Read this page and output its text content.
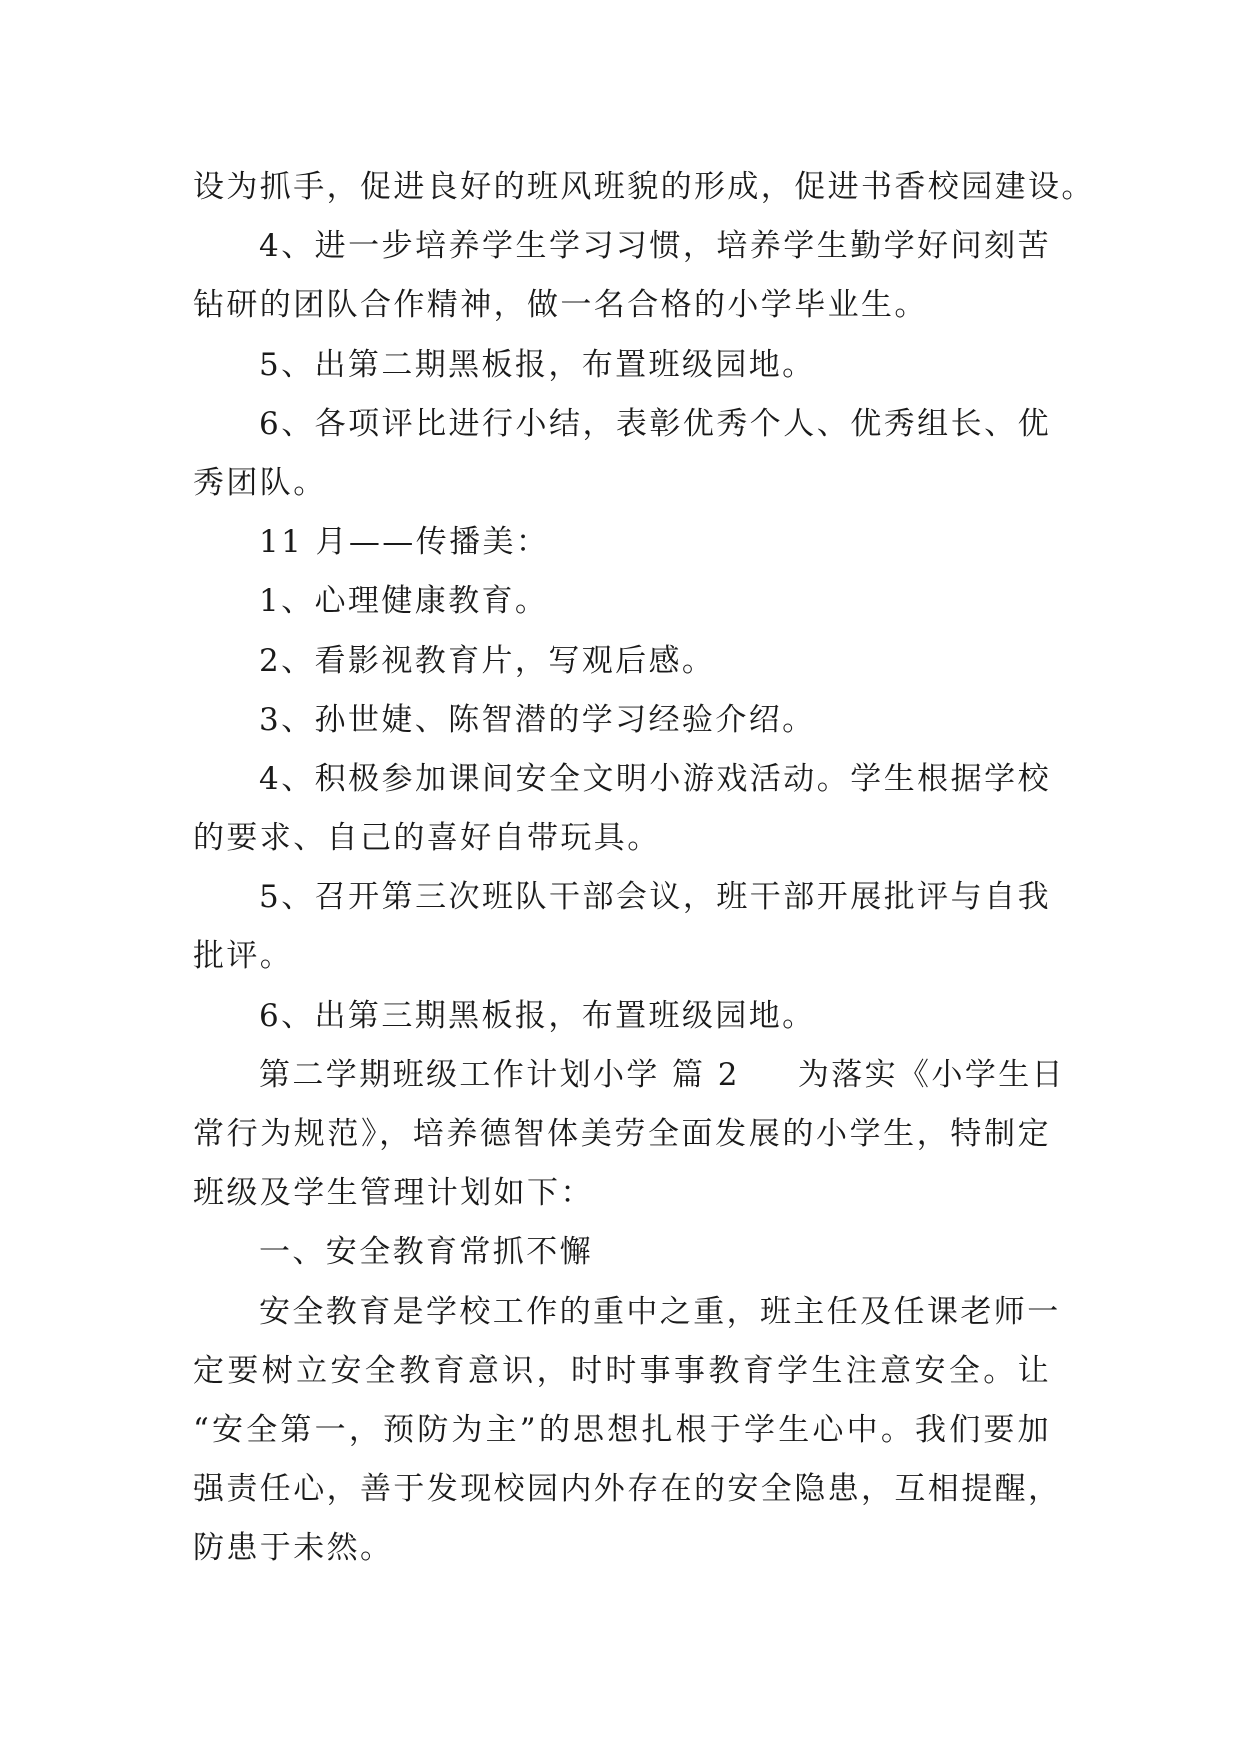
设为抓手，促进良好的班风班貌的形成，促进书香校园建设。
4、进一步培养学生学习习惯，培养学生勤学好问刻苦
钻研的团队合作精神，做一名合格的小学毕业生。
5、出第二期黑板报，布置班级园地。
6、各项评比进行小结，表彰优秀个人、优秀组长、优
秀团队。
11 月——传播美：
1、心理健康教育。
2、看影视教育片，写观后感。
3、孙世婕、陈智潜的学习经验介绍。
4、积极参加课间安全文明小游戏活动。学生根据学校
的要求、自己的喜好自带玩具。
5、召开第三次班队干部会议，班干部开展批评与自我
批评。
6、出第三期黑板报，布置班级园地。
第二学期班级工作计划小学 篇 2 为落实《小学生日
常行为规范》，培养德智体美劳全面发展的小学生，特制定
班级及学生管理计划如下：
一、安全教育常抓不懈
安全教育是学校工作的重中之重，班主任及任课老师一
定要树立安全教育意识，时时事事教育学生注意安全。让
“安全第一，预防为主”的思想扎根于学生心中。我们要加
强责任心，善于发现校园内外存在的安全隐患，互相提醒，
防患于未然。
